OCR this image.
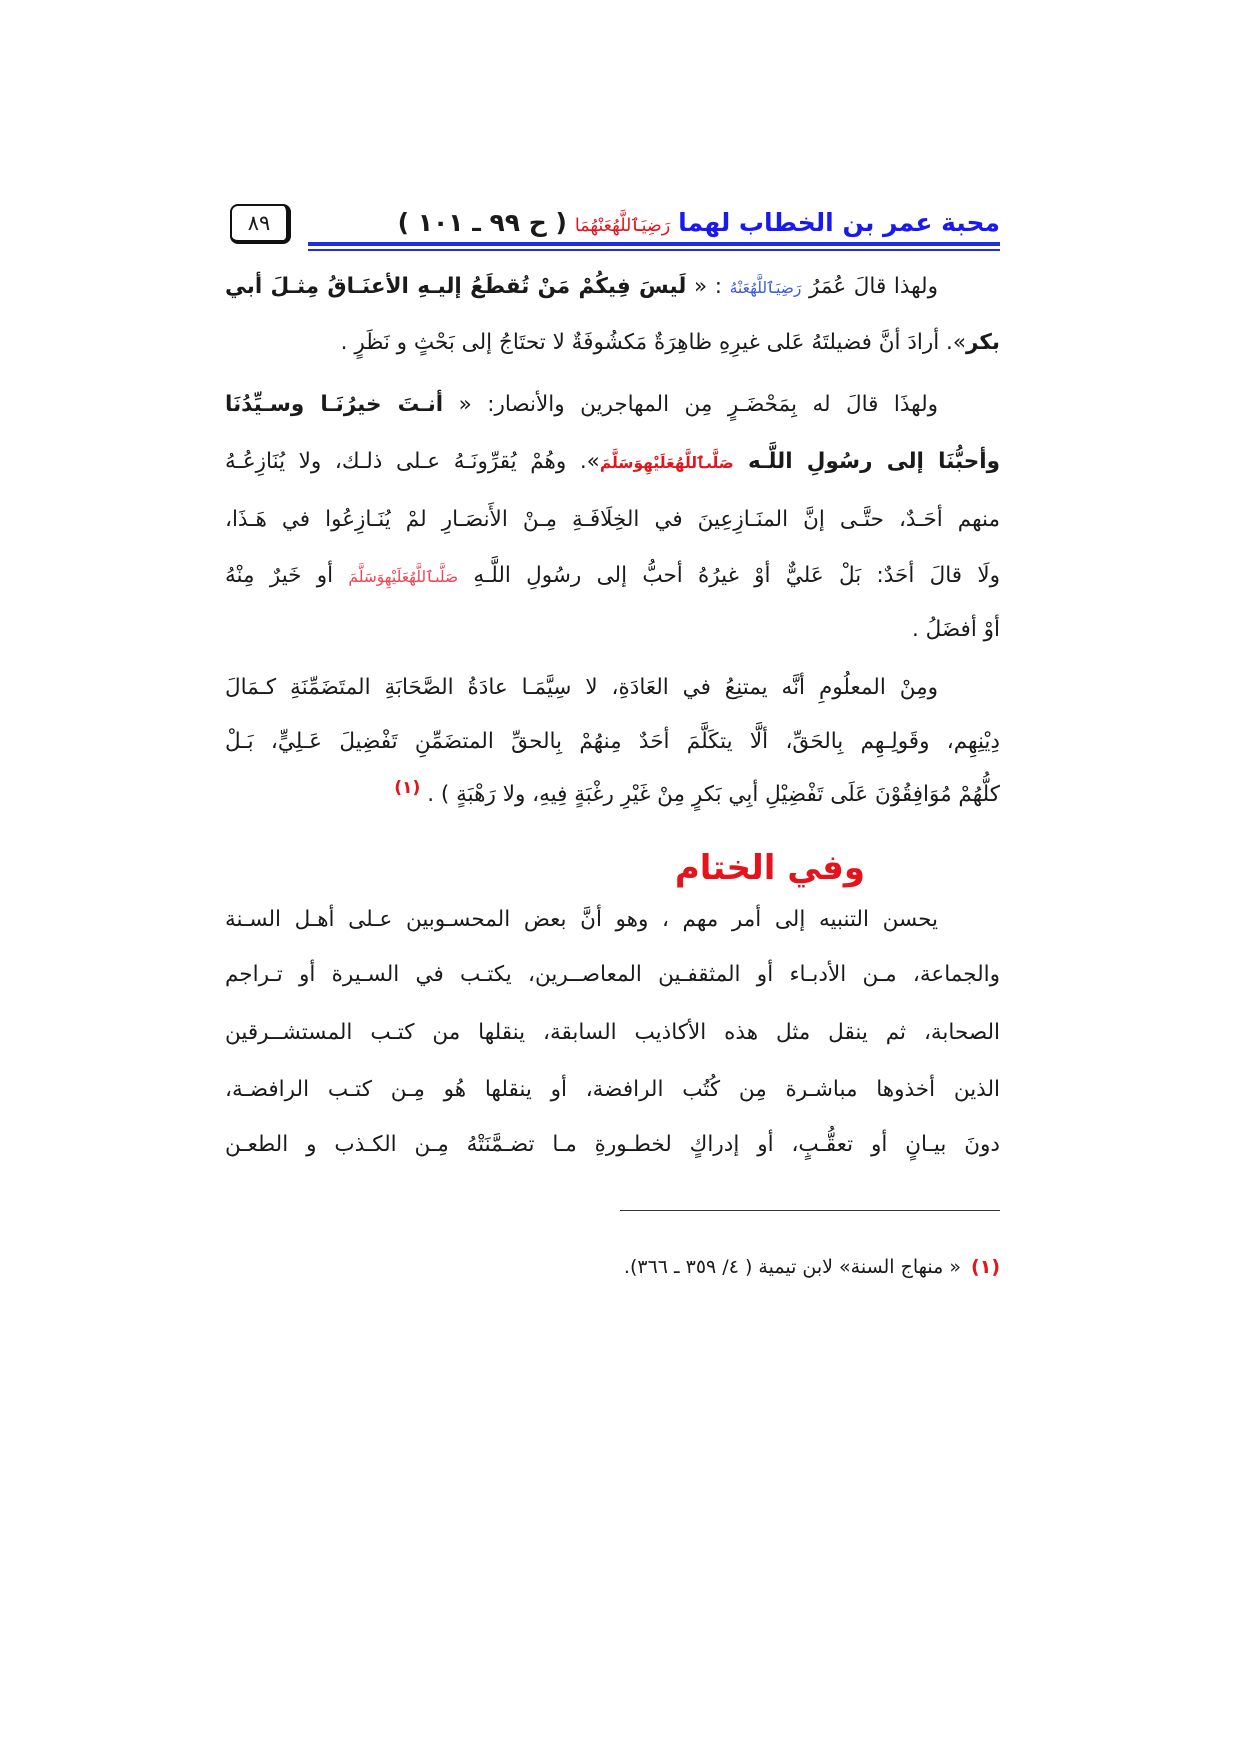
٨٩	محبة عمر بن الخطاب لهمارَضِيَٱللَّهُعَنْهُمَا( ح ٩٩ ـ ١٠١ )
ولهذا قالَ عُمَرُ رَضِيَٱللَّهُعَنْهُ : « لَيسَ فِيكُمْ مَنْ تُقطَعُ إليـهِ الأعنَـاقُ مِثـلَ أبي
بكر». أرادَ أنَّ فضيلتَهُ عَلى غيرِهِ ظاهِرَةٌ مَكشُوفَةٌ لا تحتَاجُ إلى بَحْثٍ و نَظَرٍ .
ولهذَا قالَ له بِمَحْضَـرٍ مِن المهاجرين والأنصار: « أنـتَ خيرُنَـا وسـيِّدُنَا
وأحبُّنَا إلى رسُولِ اللَّـه صَلَّىٱللَّهُعَلَيْهِوَسَلَّمَ». وهُمْ يُقرِّونَـهُ عـلى ذلـك، ولا يُنَازِعُـهُ
منهم أحَـدٌ، حتَّـى إنَّ المنَـازِعِينَ في الخِلَافَـةِ مِـنْ الأَنصَـارِ لمْ يُنَـازِعُوا في هَـذَا،
ولَا قالَ أحَدٌ: بَلْ عَليٌّ أوْ غيرُهُ أحبُّ إلى رسُولِ اللَّـهِ صَلَّىٱللَّهُعَلَيْهِوَسَلَّمَ أو خَيرٌ مِنْهُ
أوْ أفضَلُ .
ومِنْ المعلُومِ أنَّه يمتنِعُ في العَادَةِ، لا سِيَّمَـا عادَةُ الصَّحَابَةِ المتَضَمِّنَةِ كـمَالَ
دِيْنِهِم، وقَولِـهِم بِالحَقِّ، ألَّا يتكَلَّمَ أحَدٌ مِنهُمْ بِالحقِّ المتضَمِّنِ تَفْضِيلَ عَـلِيٍّ، بَـلْ
كلُّهُمْ مُوَافِقُوْنَ عَلَى تَفْضِيْلِ أبِي بَكرٍ مِنْ غَيْرِ رغْبَةٍ فِيهِ، ولا رَهْبَةٍ ) . $^{(١)}$
وفي الختام
يحسن التنبيه إلى أمر مهم ، وهو أنَّ بعض المحسـوبين عـلى أهـل السـنة
والجماعة، مـن الأدبـاء أو المثقفـين المعاصــرين، يكتـب في السـيرة أو تـراجم
الصحابة، ثم ينقل مثل هذه الأكاذيب السابقة، ينقلها من كتـب المستشــرقين
الذين أخذوها مباشـرة مِن كُتُب الرافضة، أو ينقلها هُو مِـن كتـب الرافضـة،
دونَ بيـانٍ أو تعقُّـبٍ، أو إدراكٍ لخطـورةِ مـا تضـمَّنَتْهُ مِـن الكـذب و الطعـن
(١)« منهاج السنة» لابن تيمية ( ٤/ ٣٥٩ ـ ٣٦٦).
